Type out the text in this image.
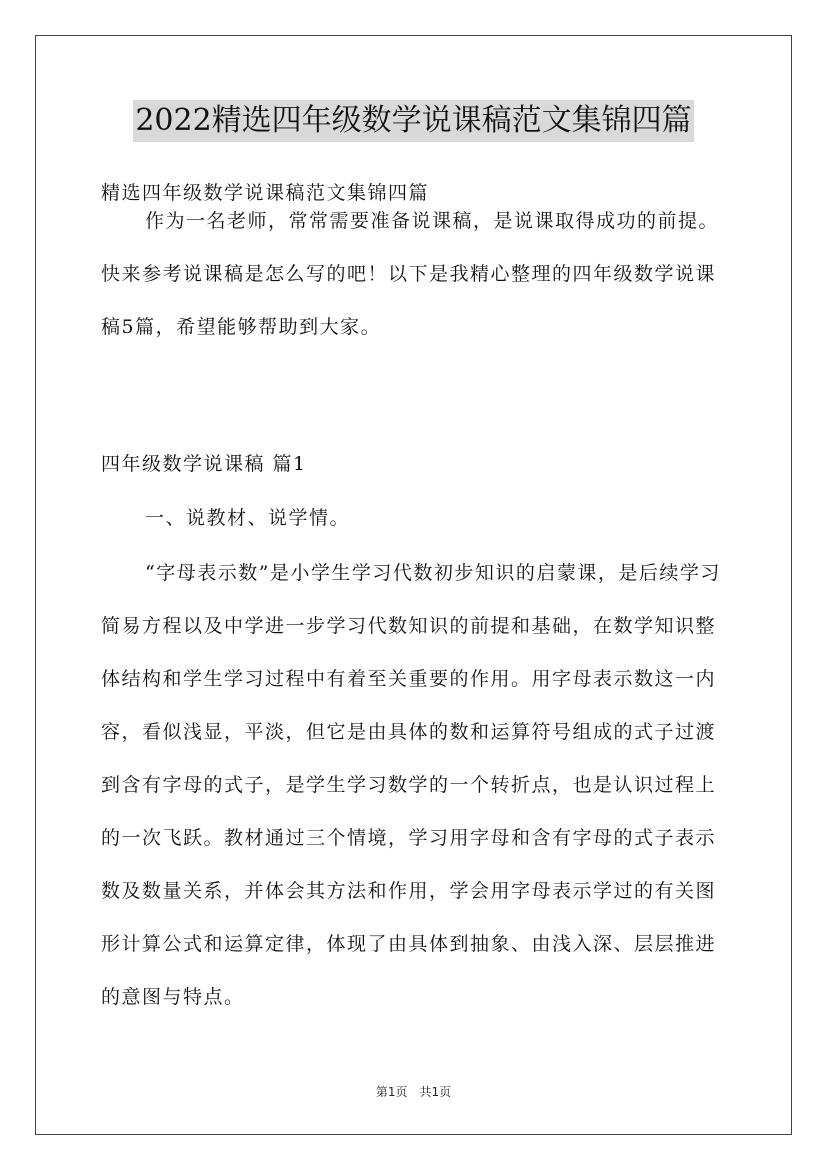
2022精选四年级数学说课稿范文集锦四篇

精选四年级数学说课稿范文集锦四篇

作为一名老师，常常需要准备说课稿，是说课取得成功的前提。快来参考说课稿是怎么写的吧！以下是我精心整理的四年级数学说课稿5篇，希望能够帮助到大家。

四年级数学说课稿 篇1

一、说教材、说学情。

“字母表示数”是小学生学习代数初步知识的启蒙课，是后续学习简易方程以及中学进一步学习代数知识的前提和基础，在数学知识整体结构和学生学习过程中有着至关重要的作用。用字母表示数这一内容，看似浅显，平淡，但它是由具体的数和运算符号组成的式子过渡到含有字母的式子，是学生学习数学的一个转折点，也是认识过程上的一次飞跃。教材通过三个情境，学习用字母和含有字母的式子表示数及数量关系，并体会其方法和作用，学会用字母表示学过的有关图形计算公式和运算定律，体现了由具体到抽象、由浅入深、层层推进的意图与特点。

第1页　共1页
